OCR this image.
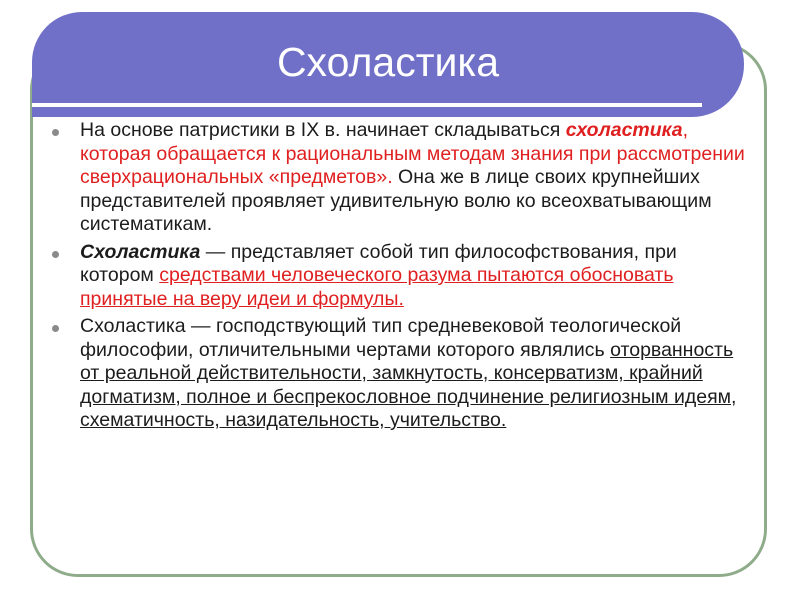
Схоластика
На основе патристики в IX в. начинает складываться схоластика, которая обращается к рациональным методам знания при рассмотрении сверхрациональных «предметов». Она же в лице своих крупнейших представителей проявляет удивительную волю ко всеохватывающим систематикам.
Схоластика — представляет собой тип философствования, при котором средствами человеческого разума пытаются обосновать принятые на веру идеи и формулы.
Схоластика — господствующий тип средневековой теологической философии, отличительными чертами которого являлись оторванность от реальной действительности, замкнутость, консерватизм, крайний догматизм, полное и беспрекословное подчинение религиозным идеям, схематичность, назидательность, учительство.
